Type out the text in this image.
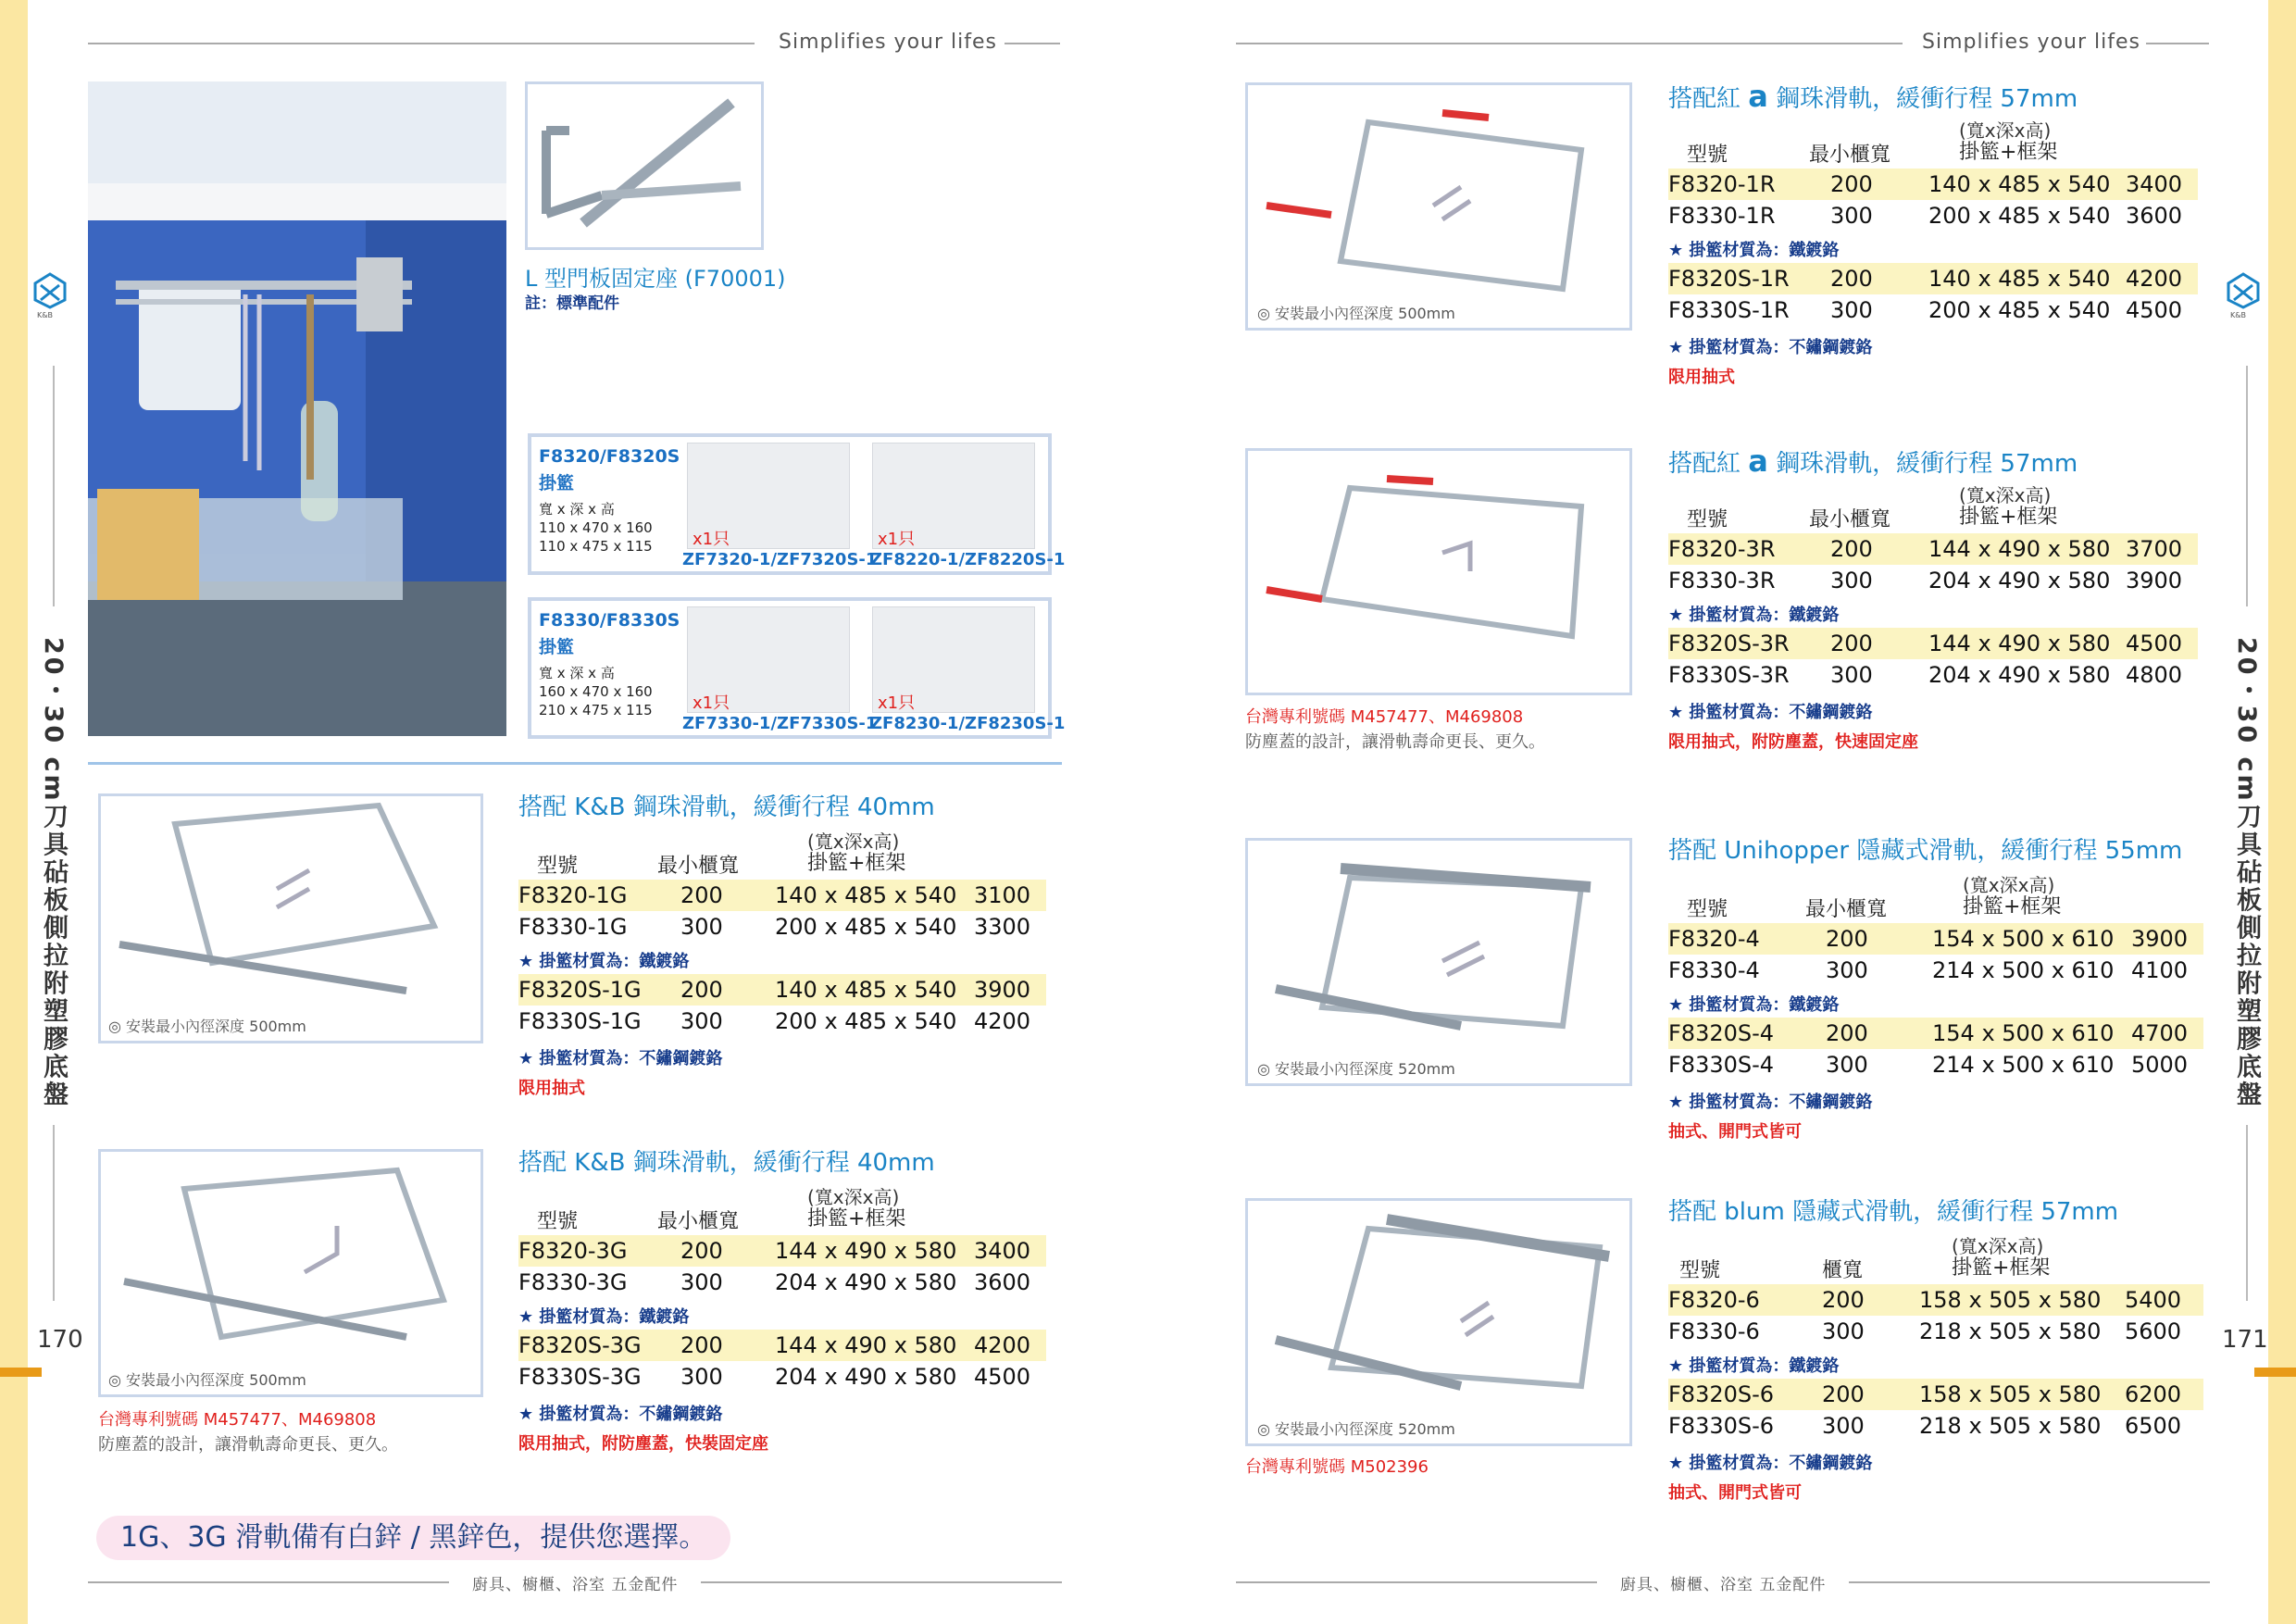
Simplifies your lifes	Simplifies your lifes
K&B	K&B
20・30 cm刀具砧板側拉附塑膠底盤	20・30 cm刀具砧板側拉附塑膠底盤
170	171
L 型門板固定座 (F70001)
註：標準配件
F8320/F8320S
掛籃
寬 x 深 x 高
110 x 470 x 160
110 x 475 x 115 x1只	x1只
ZF7320-1/ZF7320S-1
ZF8220-1/ZF8220S-1
F8330/F8330S
掛籃
寬 x 深 x 高
160 x 470 x 160
210 x 475 x 115 x1只	x1只
ZF7330-1/ZF7330S-1
ZF8230-1/ZF8230S-1
◎ 安裝最小內徑深度 500mm
◎ 安裝最小內徑深度 500mm
◎ 安裝最小內徑深度 500mm
◎ 安裝最小內徑深度 520mm
◎ 安裝最小內徑深度 520mm
台灣專利號碼 M457477、M469808
防塵蓋的設計，讓滑軌壽命更長、更久。
台灣專利號碼 M457477、M469808
防塵蓋的設計，讓滑軌壽命更長、更久。
台灣專利號碼 M502396
搭配 K&B 鋼珠滑軌，緩衝行程 40mm
(寬x深x高)
型號	最小櫃寬	掛籃+框架
F8320-1G 200 140 x 485 x 540 3100
F8330-1G 300 200 x 485 x 540 3300
★ 掛籃材質為：鐵鍍鉻
F8320S-1G 200 140 x 485 x 540 3900
F8330S-1G 300 200 x 485 x 540 4200
★ 掛籃材質為：不鏽鋼鍍鉻
限用抽式
搭配 K&B 鋼珠滑軌，緩衝行程 40mm
(寬x深x高)
型號	最小櫃寬	掛籃+框架
F8320-3G 200 144 x 490 x 580 3400
F8330-3G 300 204 x 490 x 580 3600
★ 掛籃材質為：鐵鍍鉻
F8320S-3G 200 144 x 490 x 580 4200
F8330S-3G 300 204 x 490 x 580 4500
★ 掛籃材質為：不鏽鋼鍍鉻
限用抽式，附防塵蓋，快裝固定座
搭配紅 a 鋼珠滑軌，緩衝行程 57mm
(寬x深x高)
型號	最小櫃寬	掛籃+框架
F8320-1R 200	140 x 485 x 540 3400
F8330-1R 300	200 x 485 x 540 3600
★ 掛籃材質為：鐵鍍鉻
F8320S-1R 200	140 x 485 x 540 4200
F8330S-1R 300	200 x 485 x 540 4500
★ 掛籃材質為：不鏽鋼鍍鉻
限用抽式
搭配紅 a 鋼珠滑軌，緩衝行程 57mm
(寬x深x高)
型號	最小櫃寬	掛籃+框架
F8320-3R 200	144 x 490 x 580 3700
F8330-3R 300	204 x 490 x 580 3900
★ 掛籃材質為：鐵鍍鉻
F8320S-3R 200	144 x 490 x 580 4500
F8330S-3R 300	204 x 490 x 580 4800
★ 掛籃材質為：不鏽鋼鍍鉻
限用抽式，附防塵蓋，快速固定座
搭配 Unihopper 隱藏式滑軌，緩衝行程 55mm
(寬x深x高)
型號	最小櫃寬	掛籃+框架
F8320-4	200	154 x 500 x 610 3900
F8330-4	300	214 x 500 x 610 4100
★ 掛籃材質為：鐵鍍鉻
F8320S-4 200	154 x 500 x 610 4700
F8330S-4 300	214 x 500 x 610 5000
★ 掛籃材質為：不鏽鋼鍍鉻
抽式、開門式皆可
搭配 blum 隱藏式滑軌，緩衝行程 57mm
(寬x深x高)
型號	櫃寬	掛籃+框架
F8320-6	200 158 x 505 x 580 5400
F8330-6	300 218 x 505 x 580 5600
★ 掛籃材質為：鐵鍍鉻
F8320S-6 200 158 x 505 x 580 6200
F8330S-6 300 218 x 505 x 580 6500
★ 掛籃材質為：不鏽鋼鍍鉻
抽式、開門式皆可
1G、3G 滑軌備有白鋅 / 黑鋅色，提供您選擇。
廚具、櫥櫃、浴室 五金配件	廚具、櫥櫃、浴室 五金配件
